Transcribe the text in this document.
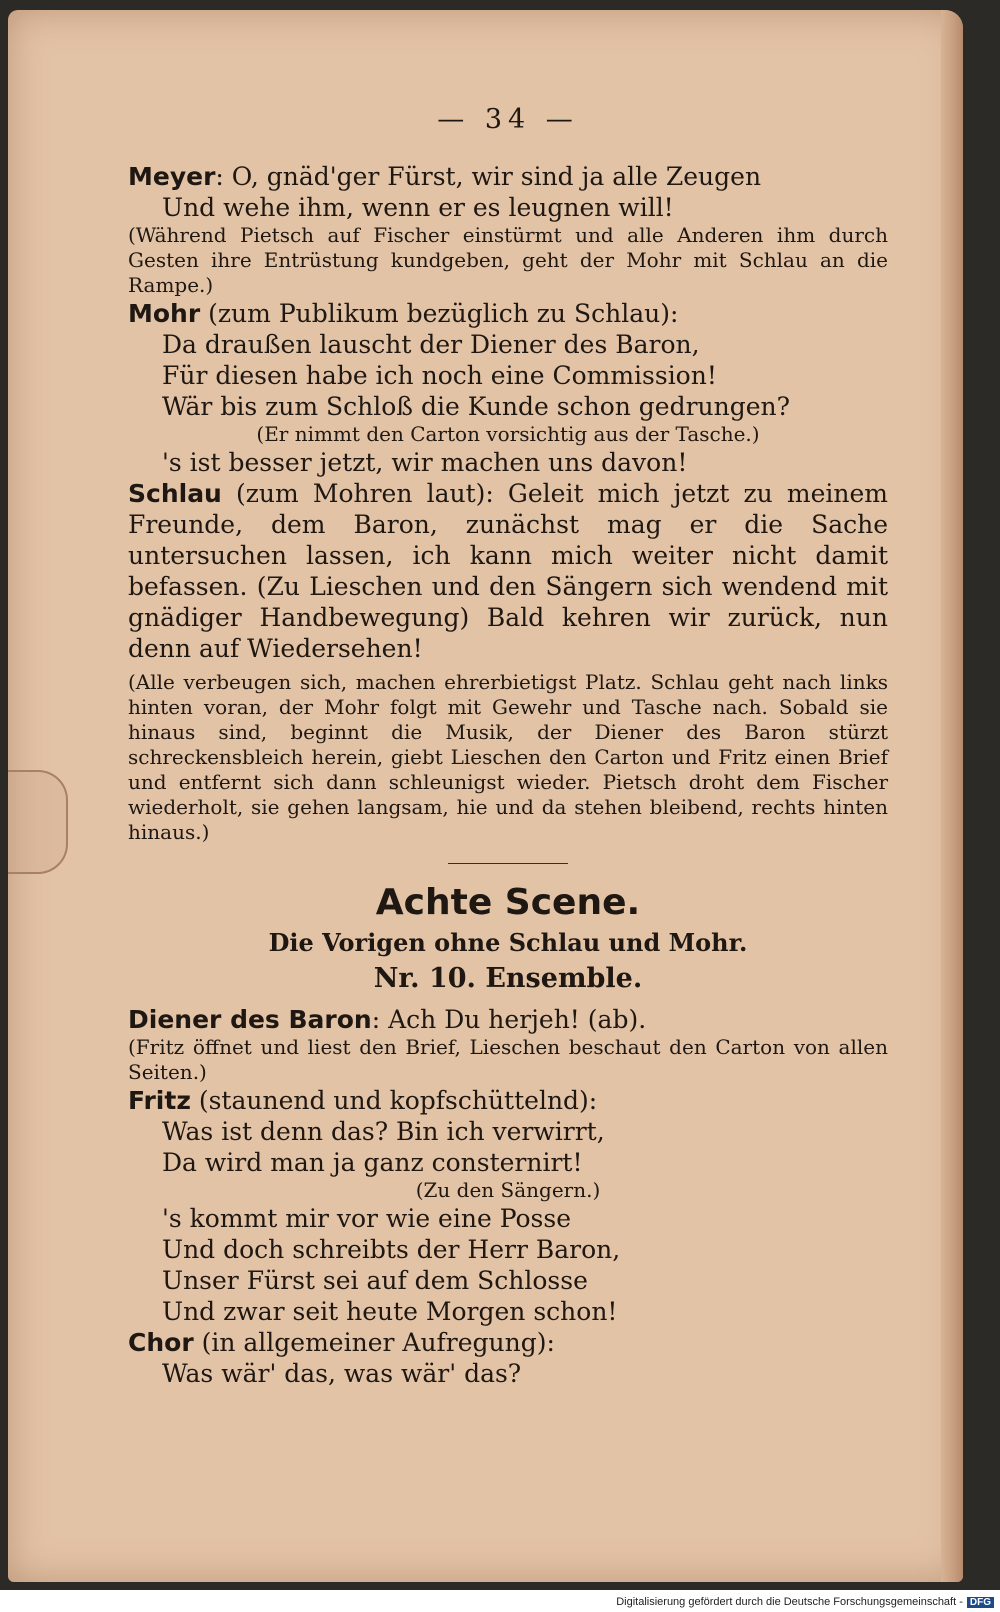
— 34 —
Meyer: O, gnäd'ger Fürst, wir sind ja alle Zeugen
Und wehe ihm, wenn er es leugnen will!
(Während Pietsch auf Fischer einstürmt und alle Anderen ihm durch Gesten ihre Entrüstung kundgeben, geht der Mohr mit Schlau an die Rampe.)
Mohr (zum Publikum bezüglich zu Schlau):
Da draußen lauscht der Diener des Baron,
Für diesen habe ich noch eine Commission!
Wär bis zum Schloß die Kunde schon gedrungen?
(Er nimmt den Carton vorsichtig aus der Tasche.)
's ist besser jetzt, wir machen uns davon!
Schlau (zum Mohren laut): Geleit mich jetzt zu meinem Freunde, dem Baron, zunächst mag er die Sache untersuchen lassen, ich kann mich weiter nicht damit befassen. (Zu Lieschen und den Sängern sich wendend mit gnädiger Handbewegung) Bald kehren wir zurück, nun denn auf Wiedersehen!
(Alle verbeugen sich, machen ehrerbietigst Platz. Schlau geht nach links hinten voran, der Mohr folgt mit Gewehr und Tasche nach. Sobald sie hinaus sind, beginnt die Musik, der Diener des Baron stürzt schreckensbleich herein, giebt Lieschen den Carton und Fritz einen Brief und entfernt sich dann schleunigst wieder. Pietsch droht dem Fischer wiederholt, sie gehen langsam, hie und da stehen bleibend, rechts hinten hinaus.)
Achte Scene.
Die Vorigen ohne Schlau und Mohr.
Nr. 10. Ensemble.
Diener des Baron: Ach Du herjeh! (ab).
(Fritz öffnet und liest den Brief, Lieschen beschaut den Carton von allen Seiten.)
Fritz (staunend und kopfschüttelnd):
Was ist denn das? Bin ich verwirrt,
Da wird man ja ganz consternirt!
(Zu den Sängern.)
's kommt mir vor wie eine Posse
Und doch schreibts der Herr Baron,
Unser Fürst sei auf dem Schlosse
Und zwar seit heute Morgen schon!
Chor (in allgemeiner Aufregung):
Was wär' das, was wär' das?
Digitalisierung gefördert durch die Deutsche Forschungsgemeinschaft - DFG
